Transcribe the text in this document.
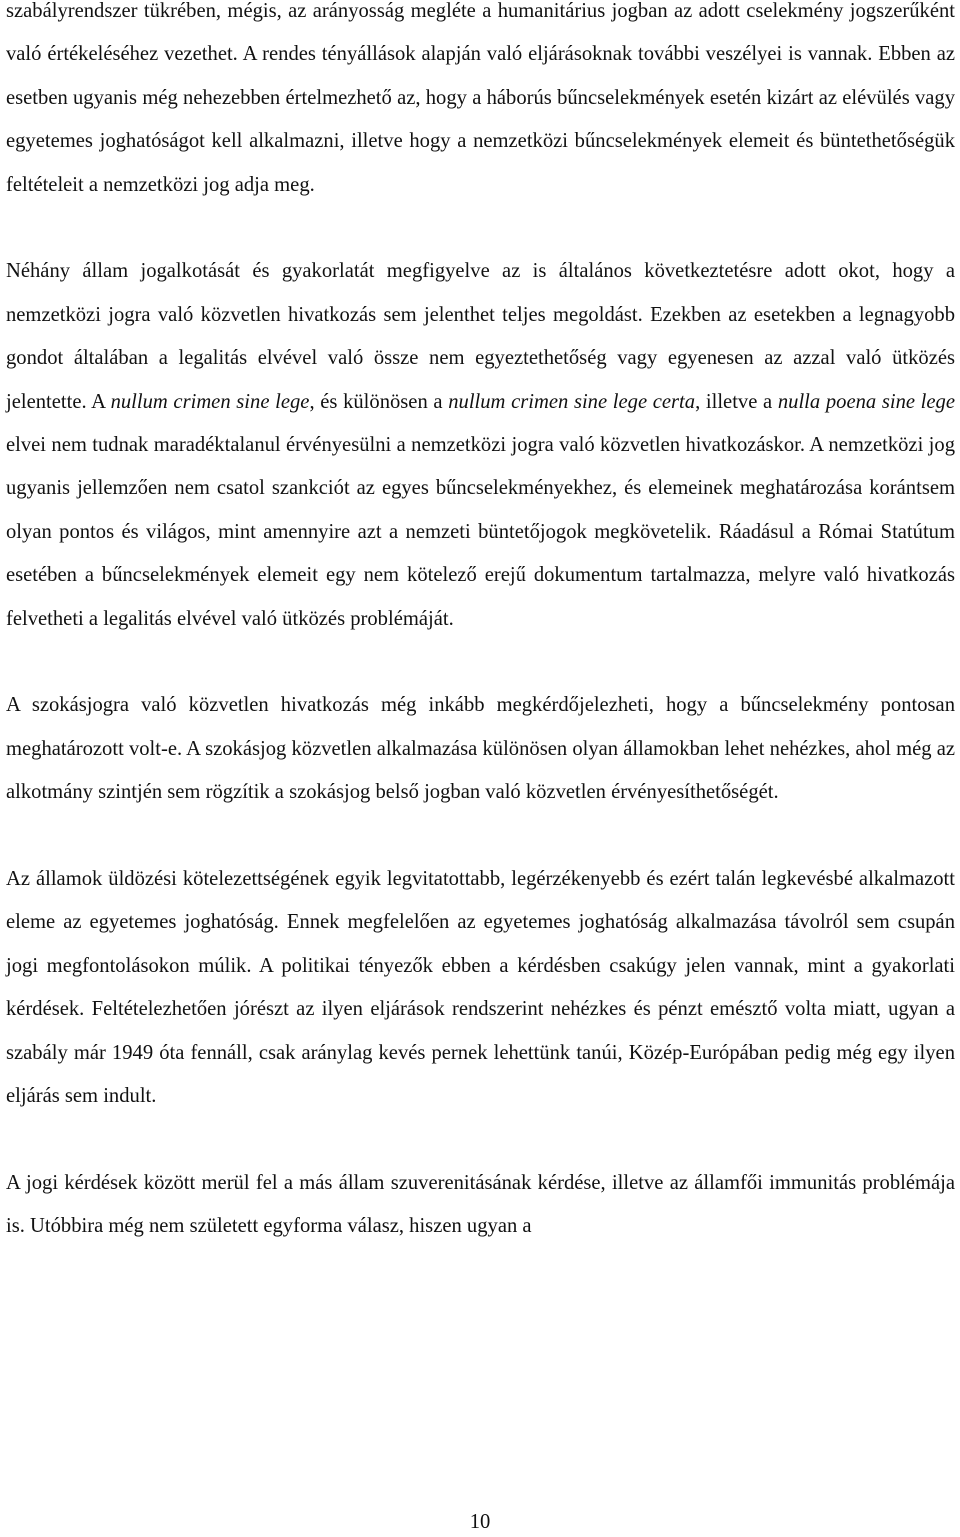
szabályrendszer tükrében, mégis, az arányosság megléte a humanitárius jogban az adott cselekmény jogszerűként való értékeléséhez vezethet. A rendes tényállások alapján való eljárásoknak további veszélyei is vannak. Ebben az esetben ugyanis még nehezebben értelmezhető az, hogy a háborús bűncselekmények esetén kizárt az elévülés vagy egyetemes joghatóságot kell alkalmazni, illetve hogy a nemzetközi bűncselekmények elemeit és büntethetőségük feltételeit a nemzetközi jog adja meg.

Néhány állam jogalkotását és gyakorlatát megfigyelve az is általános következtetésre adott okot, hogy a nemzetközi jogra való közvetlen hivatkozás sem jelenthet teljes megoldást. Ezekben az esetekben a legnagyobb gondot általában a legalitás elvével való össze nem egyeztethetőség vagy egyenesen az azzal való ütközés jelentette. A nullum crimen sine lege, és különösen a nullum crimen sine lege certa, illetve a nulla poena sine lege elvei nem tudnak maradéktalanul érvényesülni a nemzetközi jogra való közvetlen hivatkozáskor. A nemzetközi jog ugyanis jellemzően nem csatol szankciót az egyes bűncselekményekhez, és elemeinek meghatározása korántsem olyan pontos és világos, mint amennyire azt a nemzeti büntetőjogok megkövetelik. Ráadásul a Római Statútum esetében a bűncselekmények elemeit egy nem kötelező erejű dokumentum tartalmazza, melyre való hivatkozás felvetheti a legalitás elvével való ütközés problémáját.

A szokásjogra való közvetlen hivatkozás még inkább megkérdőjelezheti, hogy a bűncselekmény pontosan meghatározott volt-e. A szokásjog közvetlen alkalmazása különösen olyan államokban lehet nehézkes, ahol még az alkotmány szintjén sem rögzítik a szokásjog belső jogban való közvetlen érvényesíthetőségét.

Az államok üldözési kötelezettségének egyik legvitatottabb, legérzékenyebb és ezért talán legkevésbé alkalmazott eleme az egyetemes joghatóság. Ennek megfelelően az egyetemes joghatóság alkalmazása távolról sem csupán jogi megfontolásokon múlik. A politikai tényezők ebben a kérdésben csakúgy jelen vannak, mint a gyakorlati kérdések. Feltételezhetően jórészt az ilyen eljárások rendszerint nehézkes és pénzt emésztő volta miatt, ugyan a szabály már 1949 óta fennáll, csak aránylag kevés pernek lehettünk tanúi, Közép-Európában pedig még egy ilyen eljárás sem indult.

A jogi kérdések között merül fel a más állam szuverenitásának kérdése, illetve az államfői immunitás problémája is. Utóbbira még nem született egyforma válasz, hiszen ugyan a

10
